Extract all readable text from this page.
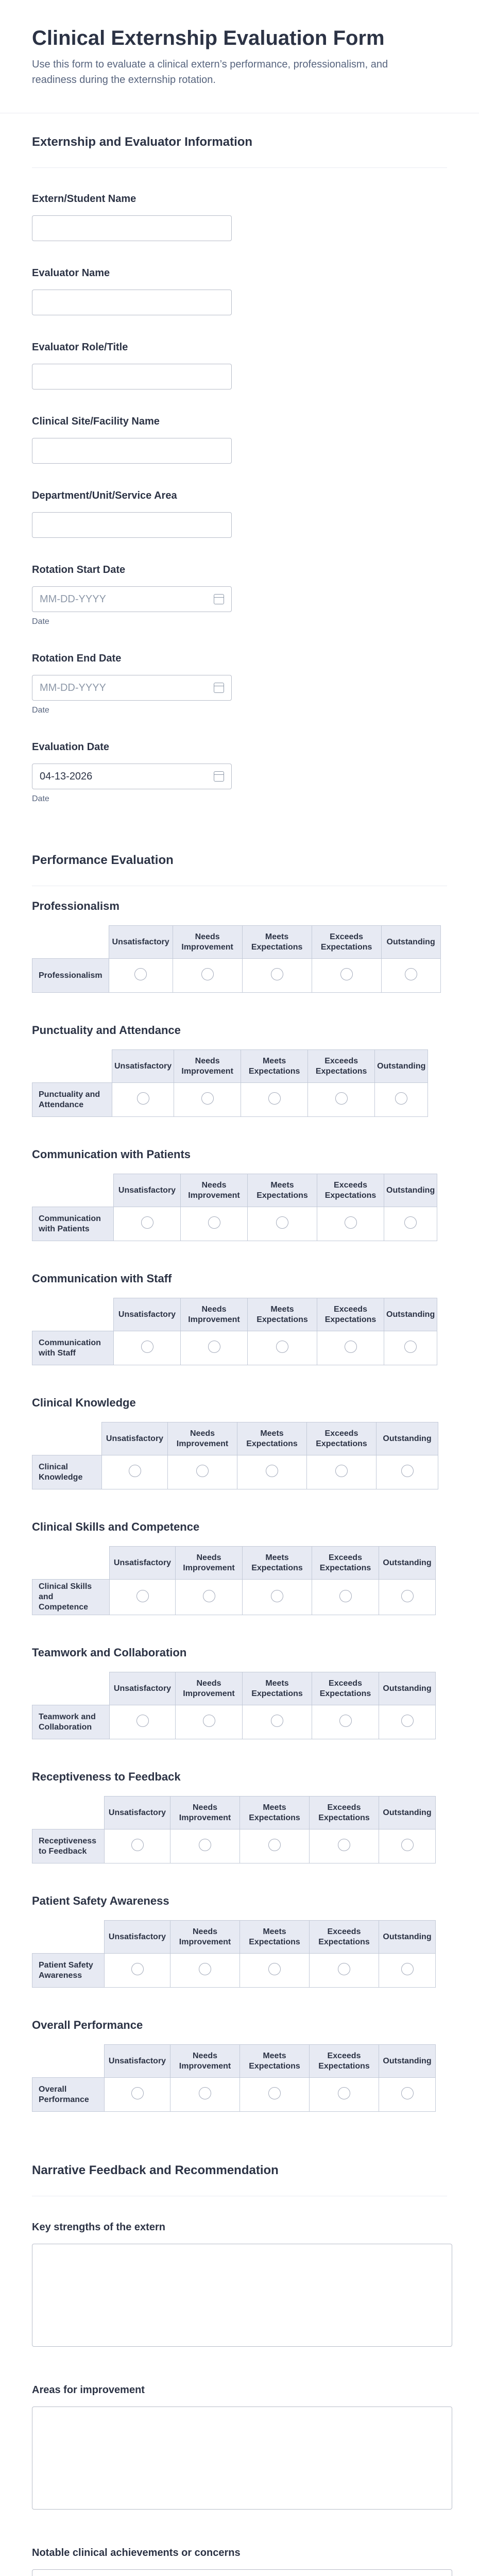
Clinical Externship Evaluation Form

Use this form to evaluate a clinical extern’s performance, professionalism, and readiness during the externship rotation.

Externship and Evaluator Information
Extern/Student Name
Evaluator Name
Evaluator Role/Title
Clinical Site/Facility Name
Department/Unit/Service Area
Rotation Start Date
MM-DD-YYYY
Date
Rotation End Date
MM-DD-YYYY
Date
Evaluation Date
04-13-2026
Date
Performance Evaluation
Professionalism
	Unsatisfactory	Needs Improvement	Meets Expectations	Exceeds Expectations	Outstanding
Professionalism					
Punctuality and Attendance
	Unsatisfactory	Needs Improvement	Meets Expectations	Exceeds Expectations	Outstanding
Punctuality and Attendance					
Communication with Patients
	Unsatisfactory	Needs Improvement	Meets Expectations	Exceeds Expectations	Outstanding
Communication with Patients					
Communication with Staff
	Unsatisfactory	Needs Improvement	Meets Expectations	Exceeds Expectations	Outstanding
Communication with Staff					
Clinical Knowledge
	Unsatisfactory	Needs Improvement	Meets Expectations	Exceeds Expectations	Outstanding
Clinical Knowledge					
Clinical Skills and Competence
	Unsatisfactory	Needs Improvement	Meets Expectations	Exceeds Expectations	Outstanding
Clinical Skills and Competence					
Teamwork and Collaboration
	Unsatisfactory	Needs Improvement	Meets Expectations	Exceeds Expectations	Outstanding
Teamwork and Collaboration					
Receptiveness to Feedback
	Unsatisfactory	Needs Improvement	Meets Expectations	Exceeds Expectations	Outstanding
Receptiveness to Feedback					
Patient Safety Awareness
	Unsatisfactory	Needs Improvement	Meets Expectations	Exceeds Expectations	Outstanding
Patient Safety Awareness					
Overall Performance
	Unsatisfactory	Needs Improvement	Meets Expectations	Exceeds Expectations	Outstanding
Overall Performance					
Narrative Feedback and Recommendation
Key strengths of the extern
Areas for improvement
Notable clinical achievements or concerns
